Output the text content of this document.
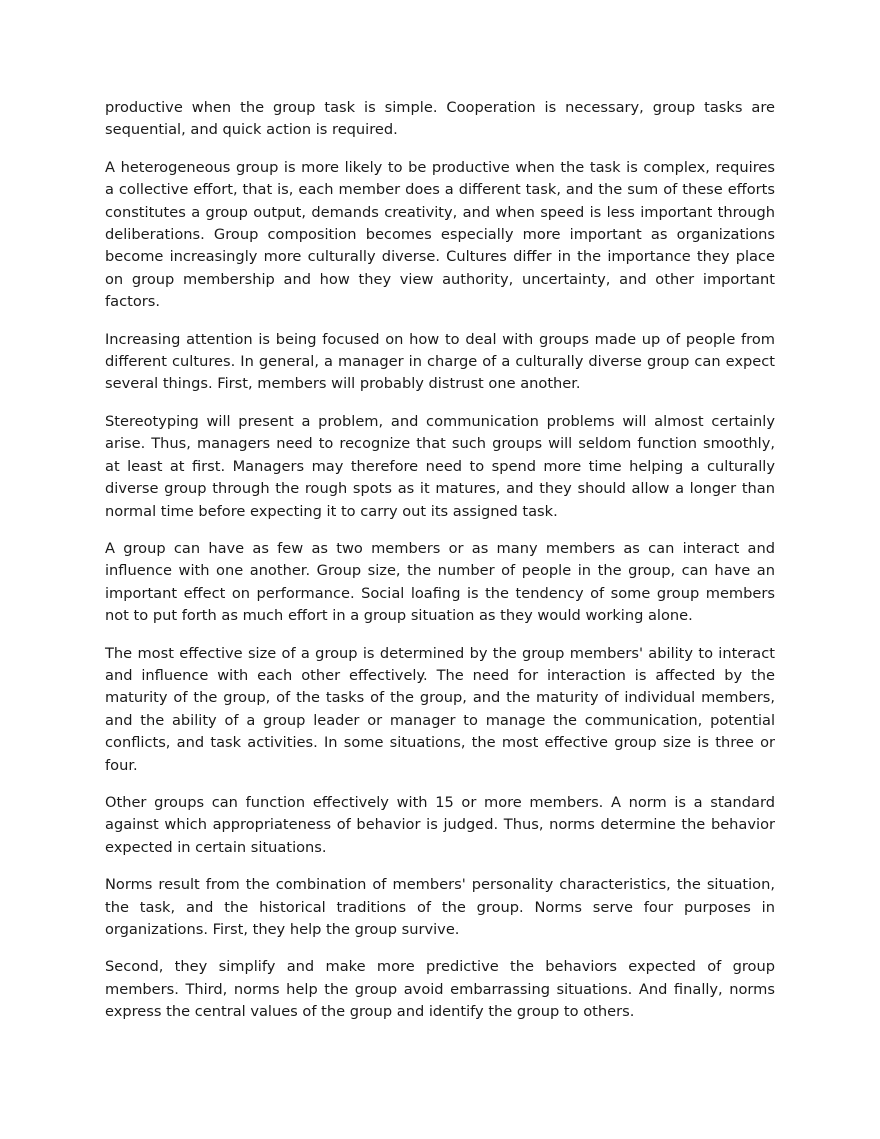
productive when the group task is simple. Cooperation is necessary, group tasks are sequential, and quick action is required.

A heterogeneous group is more likely to be productive when the task is complex, requires a collective effort, that is, each member does a different task, and the sum of these efforts constitutes a group output, demands creativity, and when speed is less important through deliberations. Group composition becomes especially more important as organizations become increasingly more culturally diverse. Cultures differ in the importance they place on group membership and how they view authority, uncertainty, and other important factors.

Increasing attention is being focused on how to deal with groups made up of people from different cultures. In general, a manager in charge of a culturally diverse group can expect several things. First, members will probably distrust one another.

Stereotyping will present a problem, and communication problems will almost certainly arise. Thus, managers need to recognize that such groups will seldom function smoothly, at least at first. Managers may therefore need to spend more time helping a culturally diverse group through the rough spots as it matures, and they should allow a longer than normal time before expecting it to carry out its assigned task.

A group can have as few as two members or as many members as can interact and influence with one another. Group size, the number of people in the group, can have an important effect on performance. Social loafing is the tendency of some group members not to put forth as much effort in a group situation as they would working alone.

The most effective size of a group is determined by the group members' ability to interact and influence with each other effectively. The need for interaction is affected by the maturity of the group, of the tasks of the group, and the maturity of individual members, and the ability of a group leader or manager to manage the communication, potential conflicts, and task activities. In some situations, the most effective group size is three or four.

Other groups can function effectively with 15 or more members. A norm is a standard against which appropriateness of behavior is judged. Thus, norms determine the behavior expected in certain situations.

Norms result from the combination of members' personality characteristics, the situation, the task, and the historical traditions of the group. Norms serve four purposes in organizations. First, they help the group survive.

Second, they simplify and make more predictive the behaviors expected of group members. Third, norms help the group avoid embarrassing situations. And finally, norms express the central values of the group and identify the group to others.
